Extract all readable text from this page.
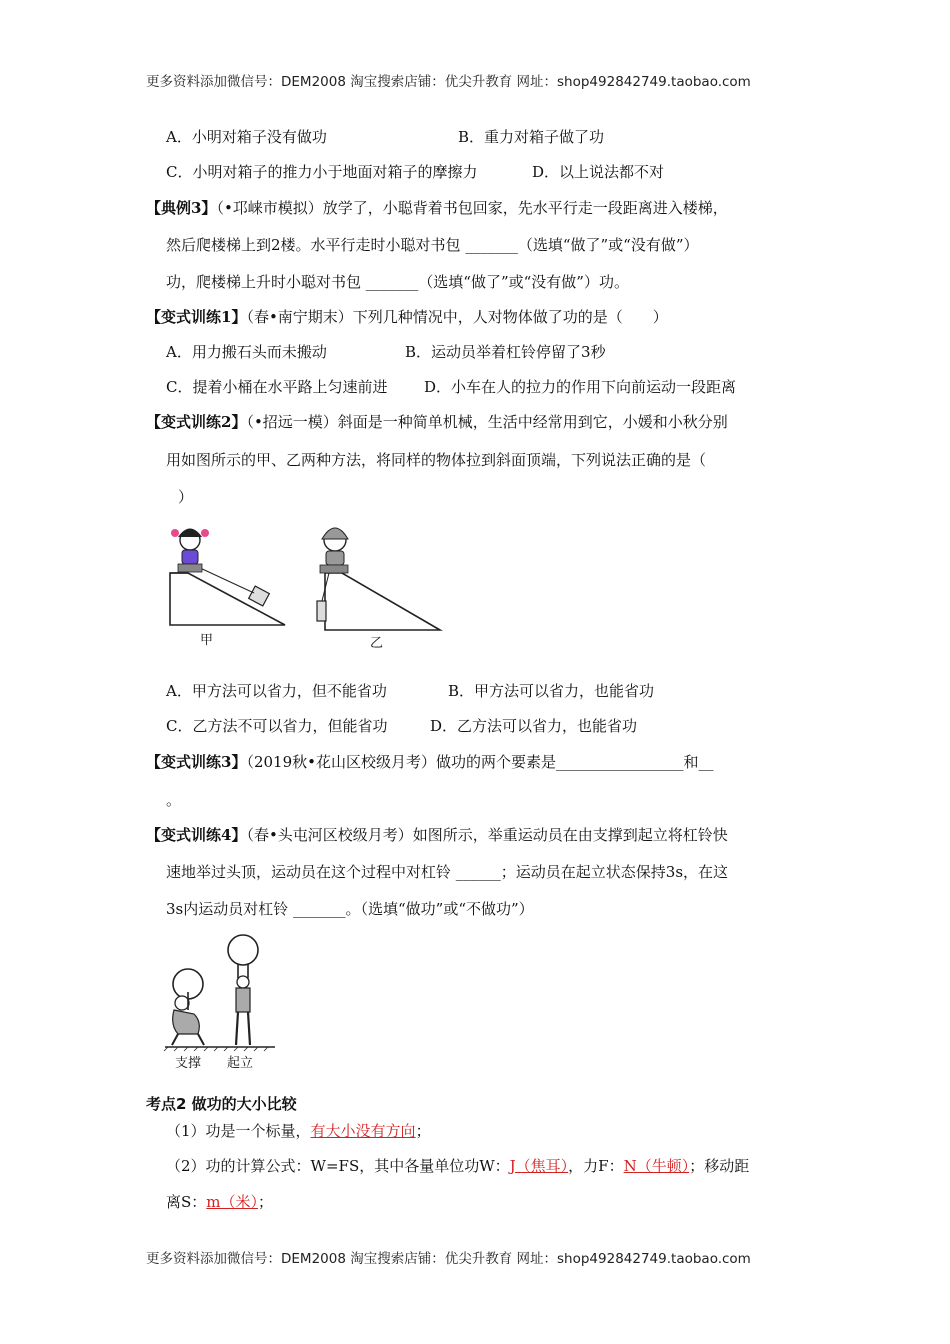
更多资料添加微信号：DEM2008 淘宝搜索店铺：优尖升教育 网址：shop492842749.taobao.com
A．小明对箱子没有做功	B．重力对箱子做了功
C．小明对箱子的推力小于地面对箱子的摩擦力	D．以上说法都不对
【典例3】（•邛崃市模拟）放学了，小聪背着书包回家，先水平行走一段距离进入楼梯，
然后爬楼梯上到2楼。水平行走时小聪对书包 _______（选填“做了”或“没有做”）
功，爬楼梯上升时小聪对书包 _______（选填“做了”或“没有做”）功。
【变式训练1】（春•南宁期末）下列几种情况中，人对物体做了功的是（　　）
A．用力搬石头而未搬动	B．运动员举着杠铃停留了3秒
C．提着小桶在水平路上匀速前进 D．小车在人的拉力的作用下向前运动一段距离
【变式训练2】（•招远一模）斜面是一种简单机械，生活中经常用到它，小媛和小秋分别
用如图所示的甲、乙两种方法，将同样的物体拉到斜面顶端，下列说法正确的是（
）
甲	乙
A．甲方法可以省力，但不能省功	B．甲方法可以省力，也能省功
C．乙方法不可以省力，但能省功	D．乙方法可以省力，也能省功
【变式训练3】（2019秋•花山区校级月考）做功的两个要素是_________________和__
。
【变式训练4】（春•头屯河区校级月考）如图所示，举重运动员在由支撑到起立将杠铃快
速地举过头顶，运动员在这个过程中对杠铃 ______；运动员在起立状态保持3s，在这
3s内运动员对杠铃 _______。（选填“做功”或“不做功”）
支撑 起立
考点2 做功的大小比较
（1）功是一个标量，有大小没有方向；
（2）功的计算公式：W=FS，其中各量单位功W：J（焦耳），力F：N（牛顿）；移动距
离S：m（米）；
更多资料添加微信号：DEM2008 淘宝搜索店铺：优尖升教育 网址：shop492842749.taobao.com
